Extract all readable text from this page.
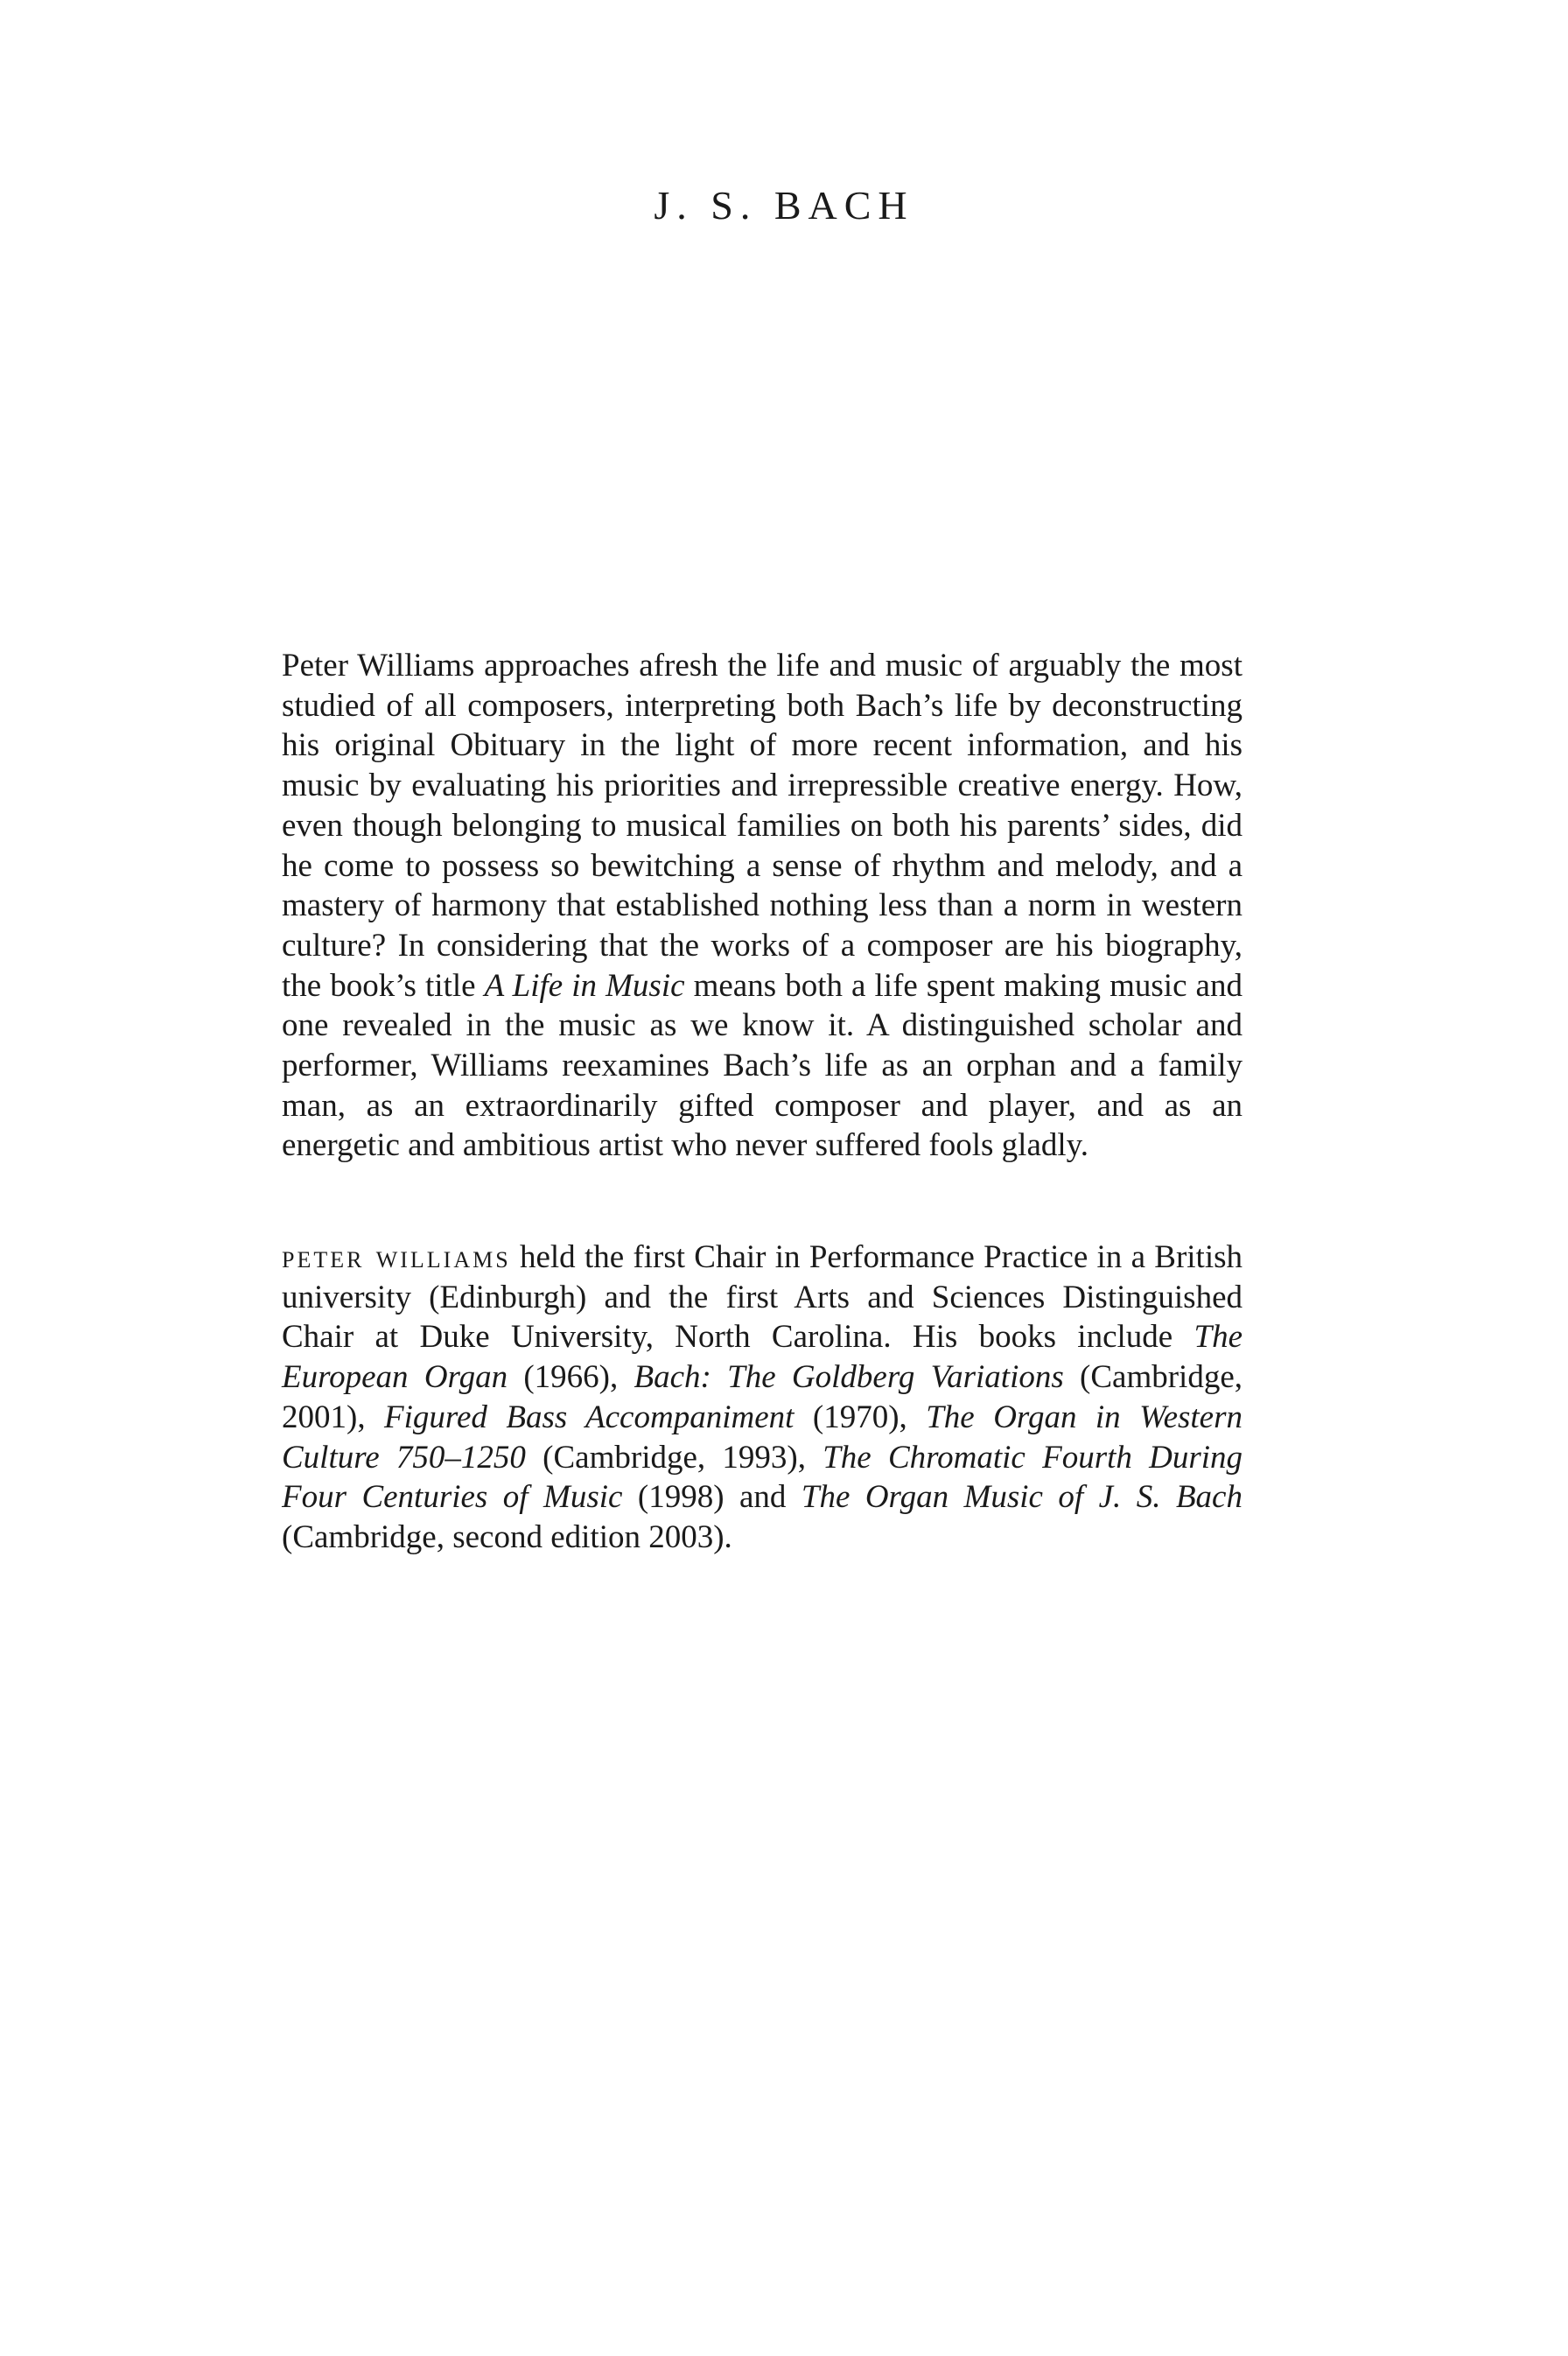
J. S. BACH

Peter Williams approaches afresh the life and music of arguably the most studied of all composers, interpreting both Bach’s life by deconstructing his original Obituary in the light of more recent information, and his music by evaluating his priorities and irrepressible creative energy. How, even though belonging to musical families on both his parents’ sides, did he come to possess so bewitching a sense of rhythm and melody, and a mastery of harmony that established nothing less than a norm in western culture? In considering that the works of a composer are his biography, the book’s title A Life in Music means both a life spent making music and one revealed in the music as we know it. A distinguished scholar and performer, Williams reexamines Bach’s life as an orphan and a family man, as an extraordinarily gifted composer and player, and as an energetic and ambitious artist who never suffered fools gladly.

peter williams held the first Chair in Performance Practice in a British university (Edinburgh) and the first Arts and Sciences Distinguished Chair at Duke University, North Carolina. His books include The European Organ (1966), Bach: The Goldberg Variations (Cambridge, 2001), Figured Bass Accompaniment (1970), The Organ in Western Culture 750–1250 (Cambridge, 1993), The Chromatic Fourth During Four Centuries of Music (1998) and The Organ Music of J. S. Bach (Cambridge, second edition 2003).
